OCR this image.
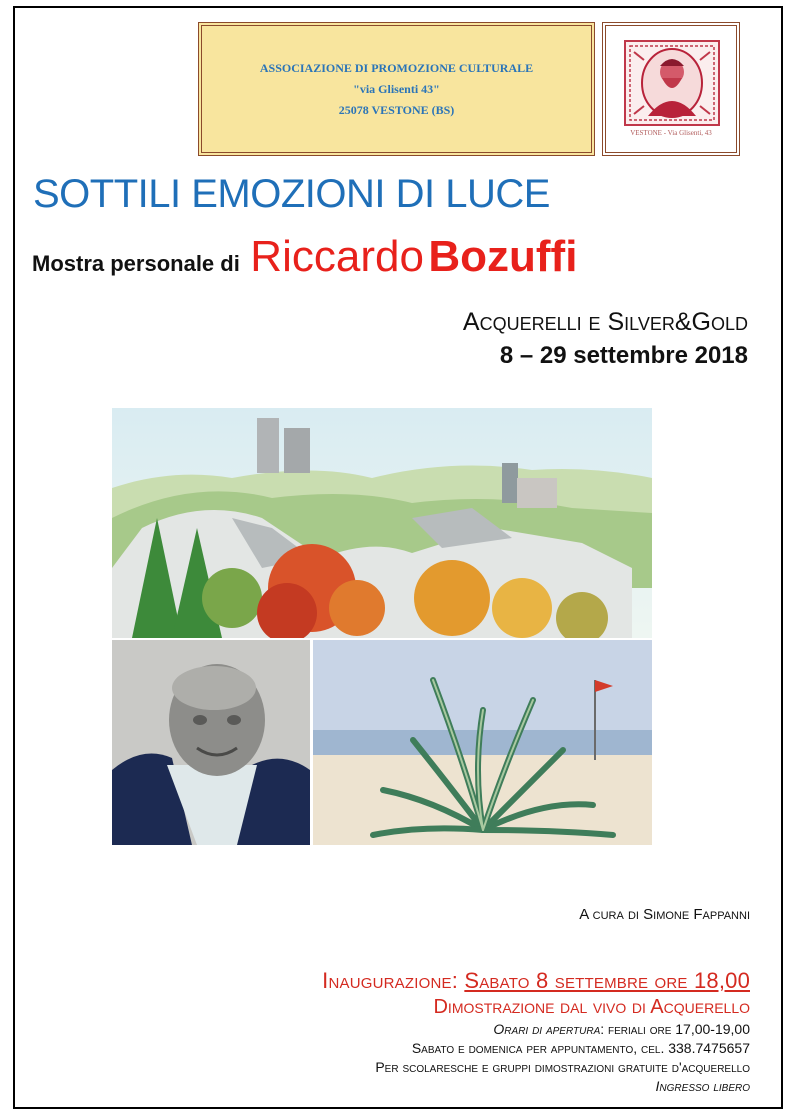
ASSOCIAZIONE DI PROMOZIONE CULTURALE
"via Glisenti 43"
25078 VESTONE (BS)
VESTONE - Via Glisenti, 43
SOTTILI EMOZIONI DI LUCE
Mostra personale di Riccardo Bozuffi
Acquerelli e Silver&Gold
8 – 29 settembre 2018
A cura di Simone Fappanni
Inaugurazione: Sabato 8 settembre ore 18,00
Dimostrazione dal vivo di Acquerello
Orari di apertura: feriali ore 17,00-19,00
Sabato e domenica per appuntamento, cel. 338.7475657
Per scolaresche e gruppi dimostrazioni gratuite d'acquerello
Ingresso libero
